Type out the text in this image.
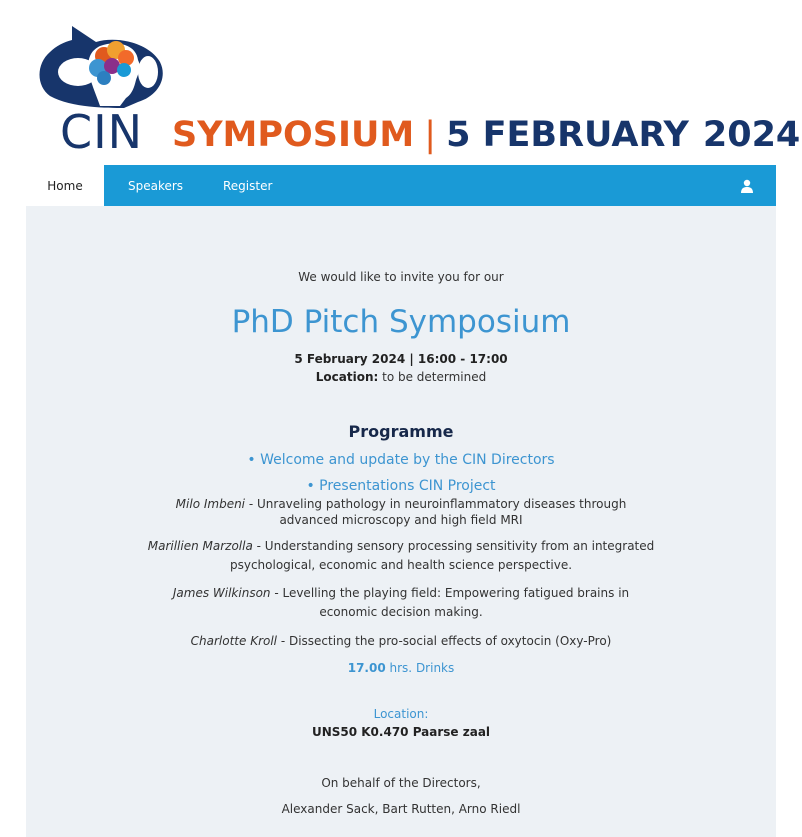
CIN SYMPOSIUM | 5 FEBRUARY 2024
Home	Speakers	Register
We would like to invite you for our
PhD Pitch Symposium
5 February 2024 | 16:00 - 17:00
Location: to be determined
Programme
• Welcome and update by the CIN Directors
• Presentations CIN Project
Milo Imbeni - Unraveling pathology in neuroinflammatory diseases through advanced microscopy and high field MRI
Marillien Marzolla - Understanding sensory processing sensitivity from an integrated psychological, economic and health science perspective.
James Wilkinson - Levelling the playing field: Empowering fatigued brains in economic decision making.
Charlotte Kroll - Dissecting the pro-social effects of oxytocin (Oxy-Pro)
17.00 hrs. Drinks
Location:
UNS50 K0.470 Paarse zaal
On behalf of the Directors,
Alexander Sack, Bart Rutten, Arno Riedl
